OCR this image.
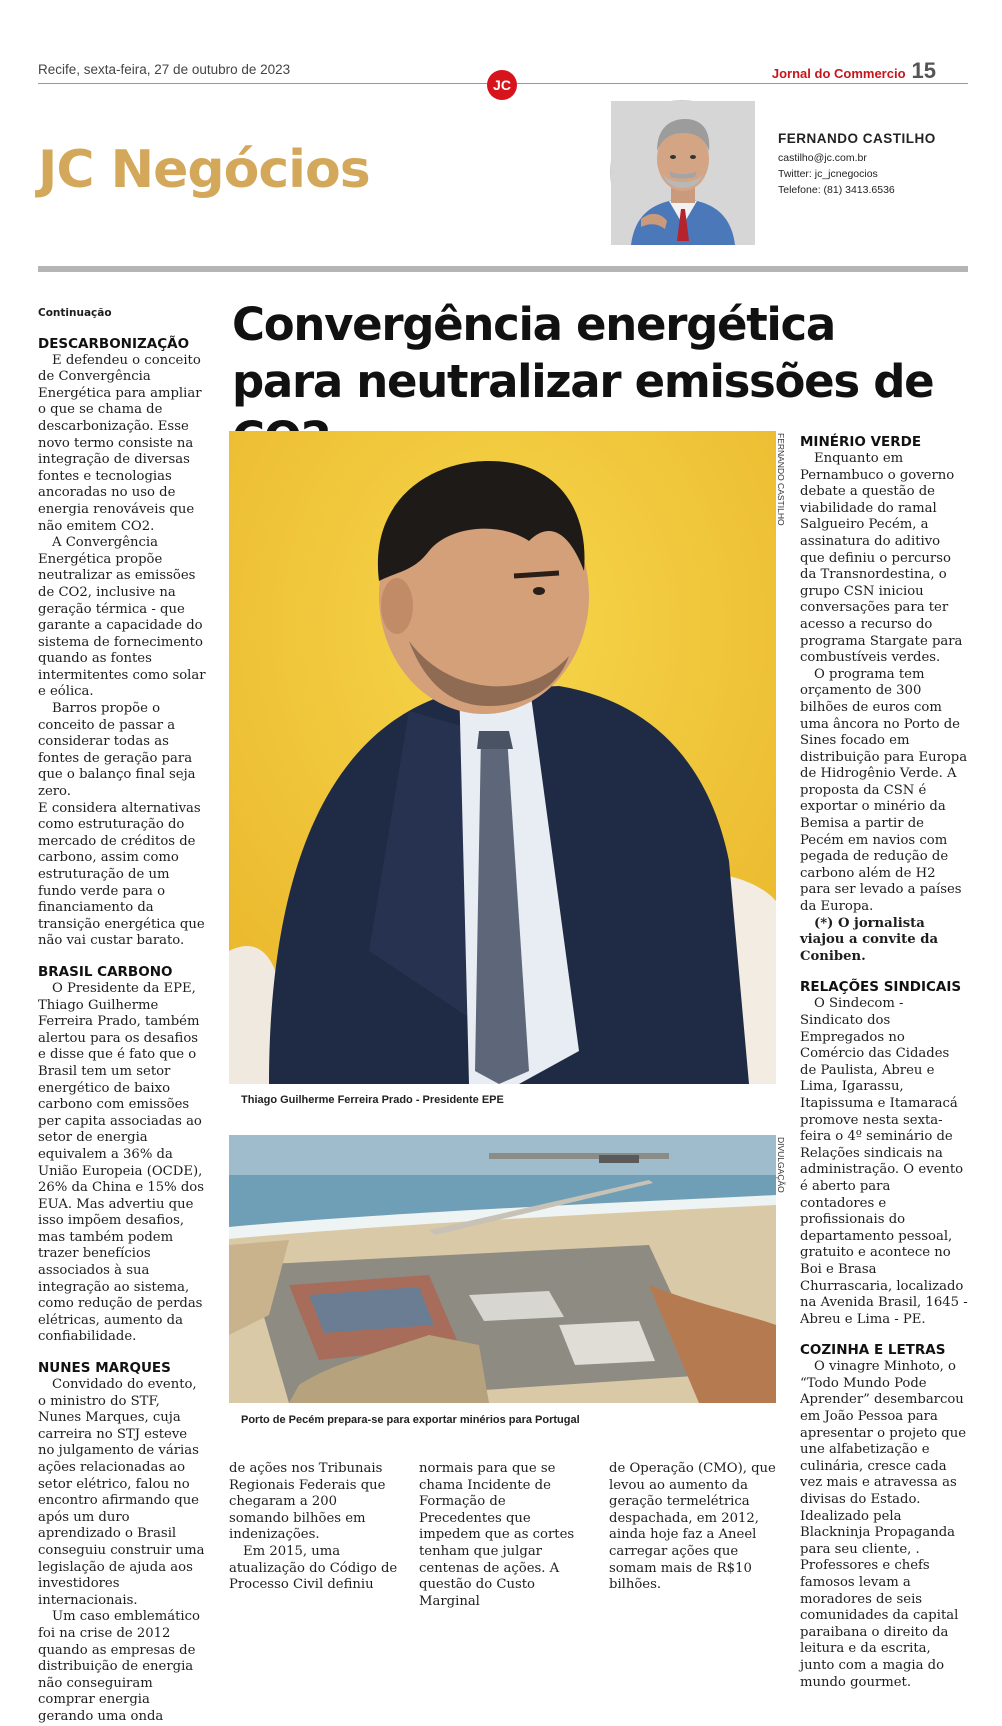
Recife, sexta-feira, 27 de outubro de 2023	Jornal do Commercio 15
JC
JC Negócios
FERNANDO CASTILHO
castilho@jc.com.br
Twitter: jc_jcnegocios
Telefone: (81) 3413.6536
Continuação
DESCARBONIZAÇÃO

E defendeu o conceito de Convergência Energética para ampliar o que se chama de descarbonização. Esse novo termo consiste na integração de diversas fontes e tecnologias ancoradas no uso de energia renováveis que não emitem CO2.

A Convergência Energética propõe neutralizar as emissões de CO2, inclusive na geração térmica - que garante a capacidade do sistema de fornecimento quando as fontes intermitentes como solar e eólica.

Barros propõe o conceito de passar a considerar todas as fontes de geração para que o balanço final seja zero.

E considera alternativas como estruturação do mercado de créditos de carbono, assim como estruturação de um fundo verde para o financiamento da transição energética que não vai custar barato.

BRASIL CARBONO

O Presidente da EPE, Thiago Guilherme Ferreira Prado, também alertou para os desafios e disse que é fato que o Brasil tem um setor energético de baixo carbono com emissões per capita associadas ao setor de energia equivalem a 36% da União Europeia (OCDE), 26% da China e 15% dos EUA. Mas advertiu que isso impõem desafios, mas também podem trazer benefícios associados à sua integração ao sistema, como redução de perdas elétricas, aumento da confiabilidade.

NUNES MARQUES

Convidado do evento, o ministro do STF, Nunes Marques, cuja carreira no STJ esteve no julgamento de várias ações relacionadas ao setor elétrico, falou no encontro afirmando que após um duro aprendizado o Brasil conseguiu construir uma legislação de ajuda aos investidores internacionais.

Um caso emblemático foi na crise de 2012 quando as empresas de distribuição de energia não conseguiram comprar energia gerando uma onda

Convergência energética para neutralizar emissões de
FERNANDO CASTILHO
Thiago Guilherme Ferreira Prado - Presidente EPE
DIVULGAÇÃO
Porto de Pecém prepara-se para exportar minérios para Portugal

de ações nos Tribunais Regionais Federais que chegaram a 200 somando bilhões em indenizações.

Em 2015, uma atualização do Código de Processo Civil definiu

normais para que se chama Incidente de Formação de Precedentes que impedem que as cortes tenham que julgar centenas de ações. A questão do Custo Marginal

de Operação (CMO), que levou ao aumento da geração termelétrica despachada, em 2012, ainda hoje faz a Aneel carregar ações que somam mais de R$10 bilhões.

MINÉRIO VERDE

Enquanto em Pernambuco o governo debate a questão de viabilidade do ramal Salgueiro Pecém, a assinatura do aditivo que definiu o percurso da Transnordestina, o grupo CSN iniciou conversações para ter acesso a recurso do programa Stargate para combustíveis verdes.

O programa tem orçamento de 300 bilhões de euros com uma âncora no Porto de Sines focado em distribuição para Europa de Hidrogênio Verde. A proposta da CSN é exportar o minério da Bemisa a partir de Pecém em navios com pegada de redução de carbono além de H2 para ser levado a países da Europa.

(*) O jornalista viajou a convite da Coniben.

RELAÇÕES SINDICAIS

O Sindecom - Sindicato dos Empregados no Comércio das Cidades de Paulista, Abreu e Lima, Igarassu, Itapissuma e Itamaracá promove nesta sexta-feira o 4º seminário de Relações sindicais na administração. O evento é aberto para contadores e profissionais do departamento pessoal, gratuito e acontece no Boi e Brasa Churrascaria, localizado na Avenida Brasil, 1645 - Abreu e Lima - PE.

COZINHA E LETRAS

O vinagre Minhoto, o “Todo Mundo Pode Aprender” desembarcou em João Pessoa para apresentar o projeto que une alfabetização e culinária, cresce cada vez mais e atravessa as divisas do Estado. Idealizado pela Blackninja Propaganda para seu cliente, . Professores e chefs famosos levam a moradores de seis comunidades da capital paraibana o direito da leitura e da escrita, junto com a magia do mundo gourmet.
